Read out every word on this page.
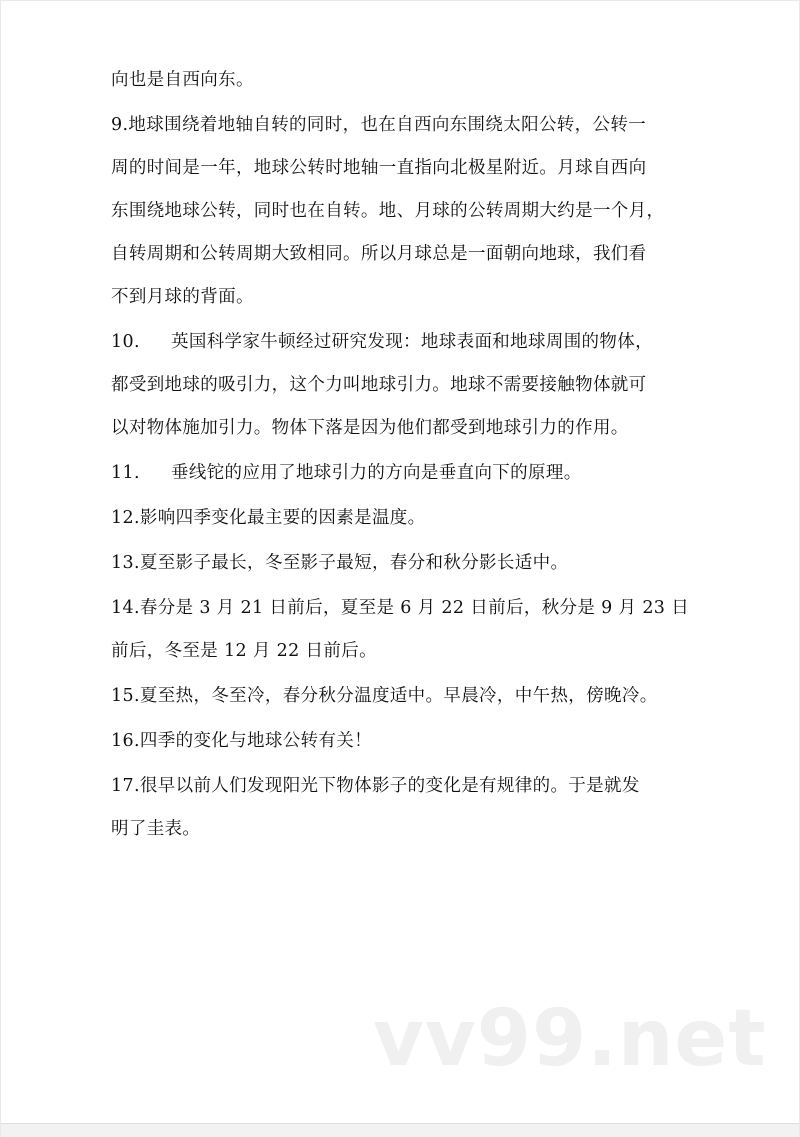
向也是自西向东。
9.地球围绕着地轴自转的同时，也在自西向东围绕太阳公转，公转一
周的时间是一年，地球公转时地轴一直指向北极星附近。月球自西向
东围绕地球公转，同时也在自转。地、月球的公转周期大约是一个月，
自转周期和公转周期大致相同。所以月球总是一面朝向地球，我们看
不到月球的背面。
10. 英国科学家牛顿经过研究发现：地球表面和地球周围的物体，
都受到地球的吸引力，这个力叫地球引力。地球不需要接触物体就可
以对物体施加引力。物体下落是因为他们都受到地球引力的作用。
11. 垂线铊的应用了地球引力的方向是垂直向下的原理。
12.影响四季变化最主要的因素是温度。
13.夏至影子最长，冬至影子最短，春分和秋分影长适中。
14.春分是 3 月 21 日前后，夏至是 6 月 22 日前后，秋分是 9 月 23 日
前后，冬至是 12 月 22 日前后。
15.夏至热，冬至冷，春分秋分温度适中。早晨冷，中午热，傍晚冷。
16.四季的变化与地球公转有关！
17.很早以前人们发现阳光下物体影子的变化是有规律的。于是就发
明了圭表。
vv99.net
